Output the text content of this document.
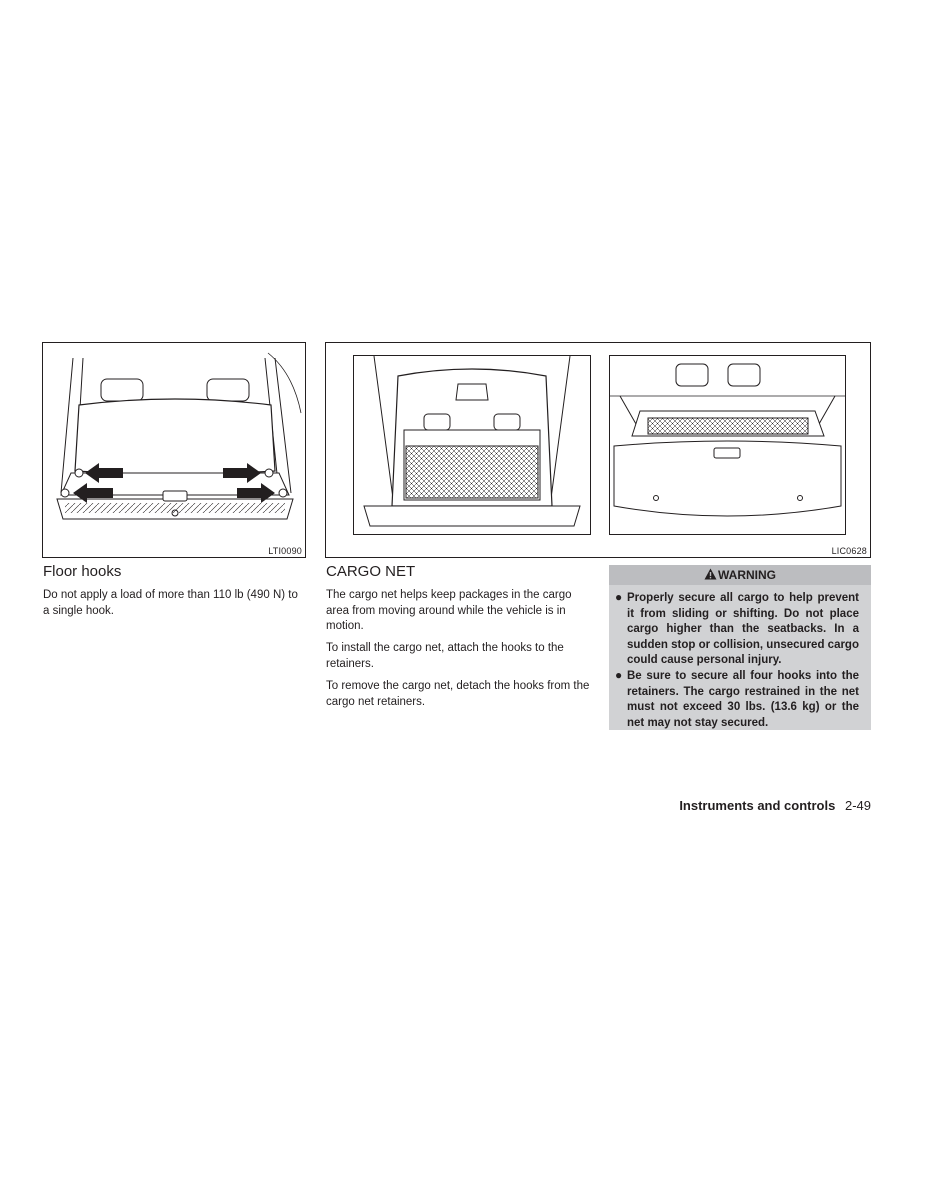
LTI0090	LIC0628
Floor hooks

Do not apply a load of more than 110 lb (490 N) to a single hook.

CARGO NET

The cargo net helps keep packages in the cargo area from moving around while the vehicle is in motion.

To install the cargo net, attach the hooks to the retainers.

To remove the cargo net, detach the hooks from the cargo net retainers.

WARNING
● Properly secure all cargo to help prevent it from sliding or shifting. Do not place cargo higher than the seatbacks. In a sudden stop or collision, unsecured cargo could cause personal injury.

● Be sure to secure all four hooks into the retainers. The cargo restrained in the net must not exceed 30 lbs. (13.6 kg) or the net may not stay secured.

Instruments and controls 2-49
